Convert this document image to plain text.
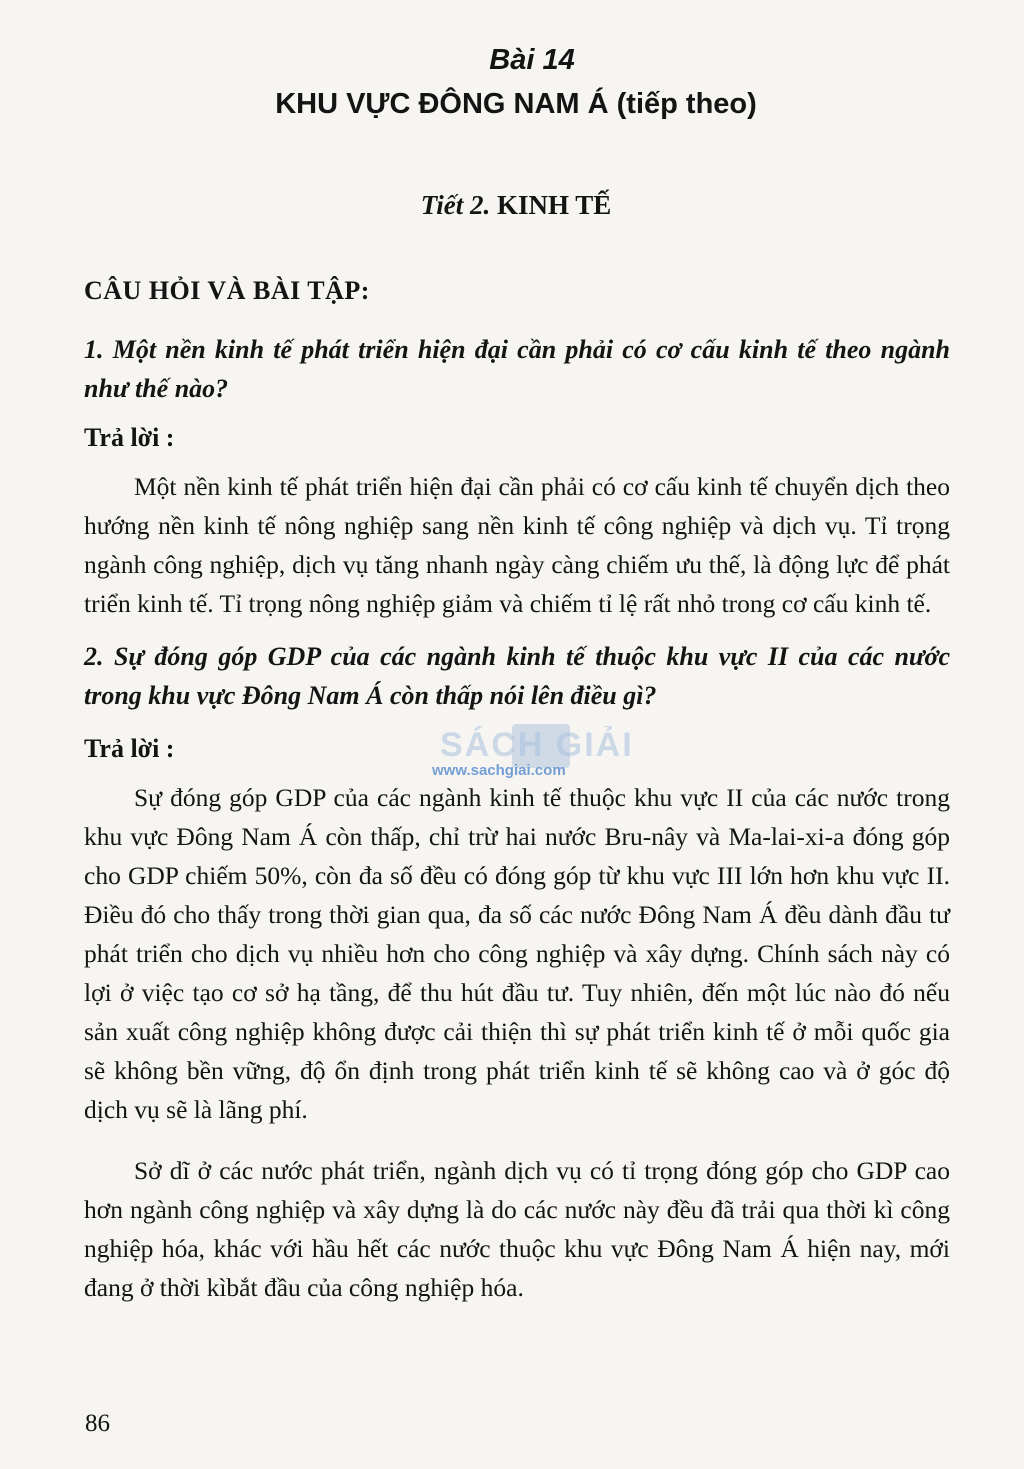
Bài 14
KHU VỰC ĐÔNG NAM Á (tiếp theo)
Tiết 2. KINH TẾ
CÂU HỎI VÀ BÀI TẬP:

1. Một nền kinh tế phát triển hiện đại cần phải có cơ cấu kinh tế theo ngành như thế nào?

Trả lời :

Một nền kinh tế phát triển hiện đại cần phải có cơ cấu kinh tế chuyển dịch theo hướng nền kinh tế nông nghiệp sang nền kinh tế công nghiệp và dịch vụ. Tỉ trọng ngành công nghiệp, dịch vụ tăng nhanh ngày càng chiếm ưu thế, là động lực để phát triển kinh tế. Tỉ trọng nông nghiệp giảm và chiếm tỉ lệ rất nhỏ trong cơ cấu kinh tế.

2. Sự đóng góp GDP của các ngành kinh tế thuộc khu vực II của các nước trong khu vực Đông Nam Á còn thấp nói lên điều gì?

Trả lời :

Sự đóng góp GDP của các ngành kinh tế thuộc khu vực II của các nước trong khu vực Đông Nam Á còn thấp, chỉ trừ hai nước Bru-nây và Ma-lai-xi-a đóng góp cho GDP chiếm 50%, còn đa số đều có đóng góp từ khu vực III lớn hơn khu vực II. Điều đó cho thấy trong thời gian qua, đa số các nước Đông Nam Á đều dành đầu tư phát triển cho dịch vụ nhiều hơn cho công nghiệp và xây dựng. Chính sách này có lợi ở việc tạo cơ sở hạ tầng, để thu hút đầu tư. Tuy nhiên, đến một lúc nào đó nếu sản xuất công nghiệp không được cải thiện thì sự phát triển kinh tế ở mỗi quốc gia sẽ không bền vững, độ ổn định trong phát triển kinh tế sẽ không cao và ở góc độ dịch vụ sẽ là lãng phí.

Sở dĩ ở các nước phát triển, ngành dịch vụ có tỉ trọng đóng góp cho GDP cao hơn ngành công nghiệp và xây dựng là do các nước này đều đã trải qua thời kì công nghiệp hóa, khác với hầu hết các nước thuộc khu vực Đông Nam Á hiện nay, mới đang ở thời kìbắt đầu của công nghiệp hóa.

SÁCH GIẢI
www.sachgiai.com
86
